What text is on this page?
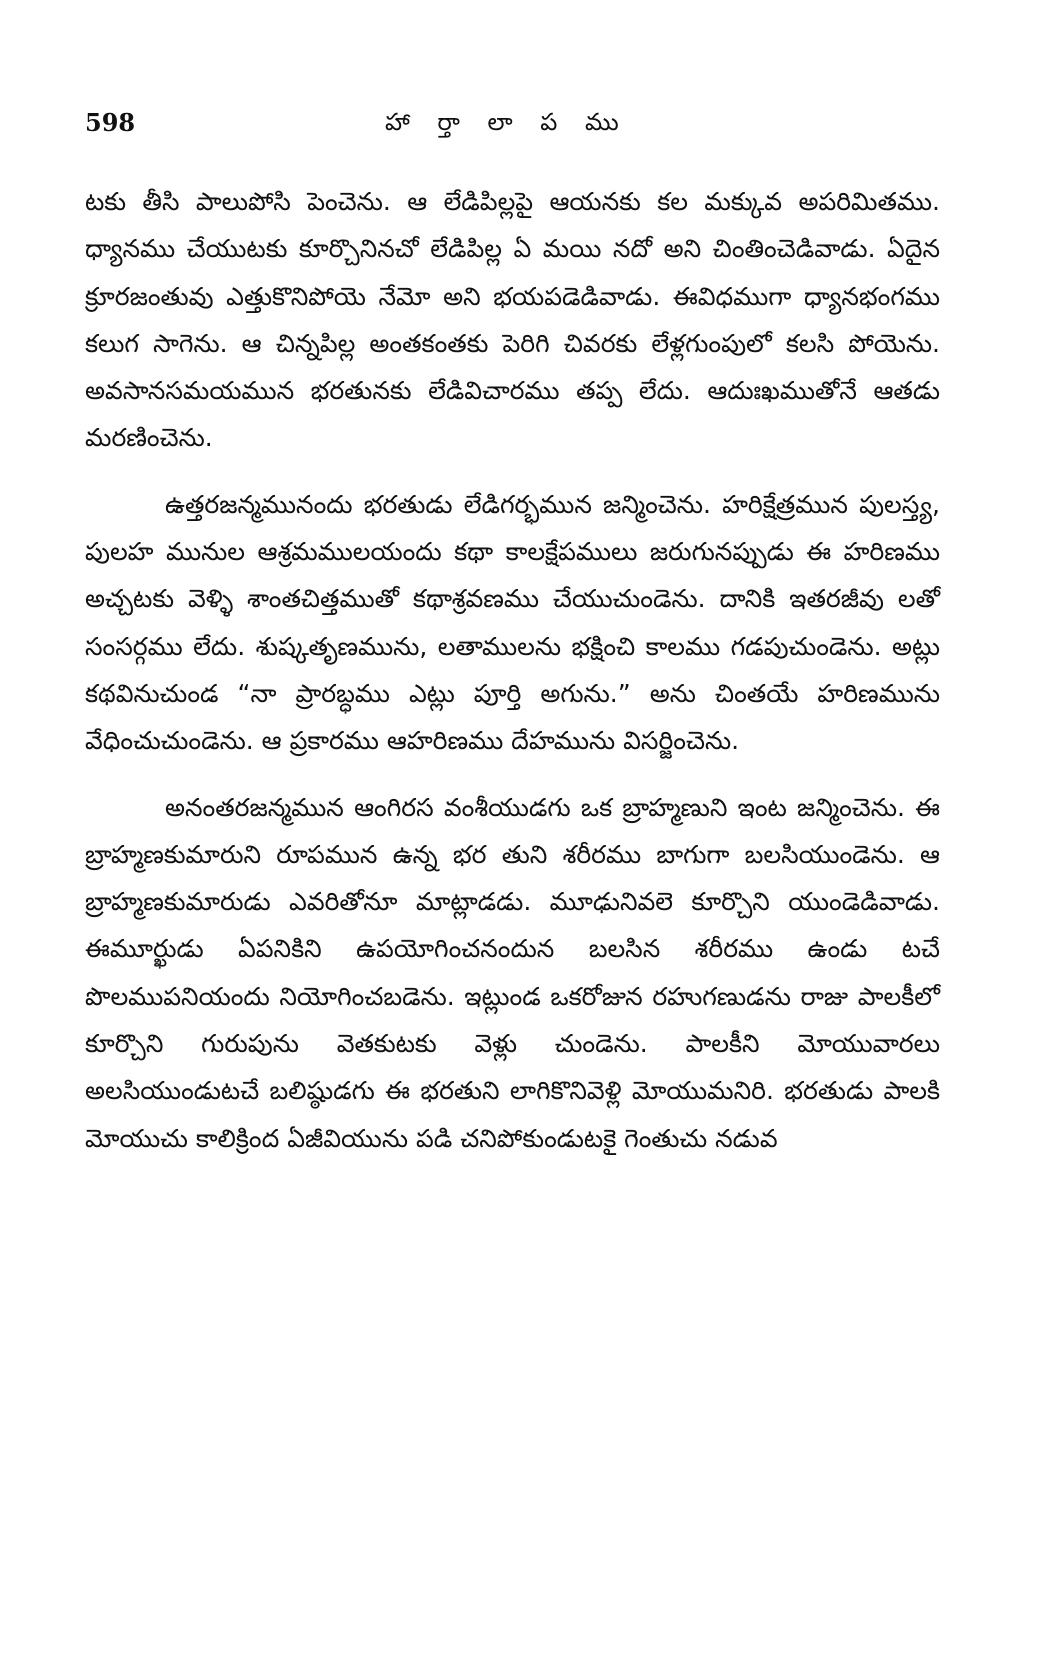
598	హా ర్తా లా ప ము

టకు తీసి పాలుపోసి పెంచెను. ఆ లేడిపిల్లపై ఆయనకు కల మక్కువ అపరిమితము. ధ్యానము చేయుటకు కూర్చొనినచో లేడిపిల్ల ఏ మయి నదో అని చింతించెడివాడు. ఏదైన క్రూరజంతువు ఎత్తుకొనిపోయె నేమో అని భయపడెడివాడు. ఈవిధముగా ధ్యానభంగము కలుగ సాగెను. ఆ చిన్నపిల్ల అంతకంతకు పెరిగి చివరకు లేళ్లగుంపులో కలసి పోయెను. అవసానసమయమున భరతునకు లేడివిచారము తప్ప లేదు. ఆదుఃఖముతోనే ఆతడు మరణించెను.

ఉత్తరజన్మమునందు భరతుడు లేడిగర్భమున జన్మించెను. హరిక్షేత్రమున పులస్త్య, పులహ మునుల ఆశ్రమములయందు కథా కాలక్షేపములు జరుగునప్పుడు ఈ హరిణము అచ్చటకు వెళ్ళి శాంతచిత్తముతో కథాశ్రవణము చేయుచుండెను. దానికి ఇతరజీవు లతో సంసర్గము లేదు. శుష్కతృణమును, లతాములను భక్షించి కాలము గడపుచుండెను. అట్లు కథవినుచుండ “నా ప్రారబ్ధము ఎట్లు పూర్తి అగును.” అను చింతయే హరిణమును వేధించుచుండెను. ఆ ప్రకారము ఆహరిణము దేహమును విసర్జించెను.

అనంతరజన్మమున ఆంగిరస వంశీయుడగు ఒక బ్రాహ్మణుని ఇంట జన్మించెను. ఈ బ్రాహ్మణకుమారుని రూపమున ఉన్న భర తుని శరీరము బాగుగా బలసియుండెను. ఆ బ్రాహ్మణకుమారుడు ఎవరితోనూ మాట్లాడడు. మూఢునివలె కూర్చొని యుండెడివాడు. ఈమూర్ఖుడు ఏపనికిని ఉపయోగించనందున బలసిన శరీరము ఉండు టచే పొలముపనియందు నియోగించబడెను. ఇట్లుండ ఒకరోజున రహుగణుడను రాజు పాలకీలో కూర్చొని గురుపును వెతకుటకు వెళ్లు చుండెను. పాలకీని మోయువారలు అలసియుండుటచే బలిష్ఠుడగు ఈ భరతుని లాగికొనివెళ్లి మోయుమనిరి. భరతుడు పాలకి మోయుచు కాలిక్రింద ఏజీవియును పడి చనిపోకుండుటకై గెంతుచు నడువ
